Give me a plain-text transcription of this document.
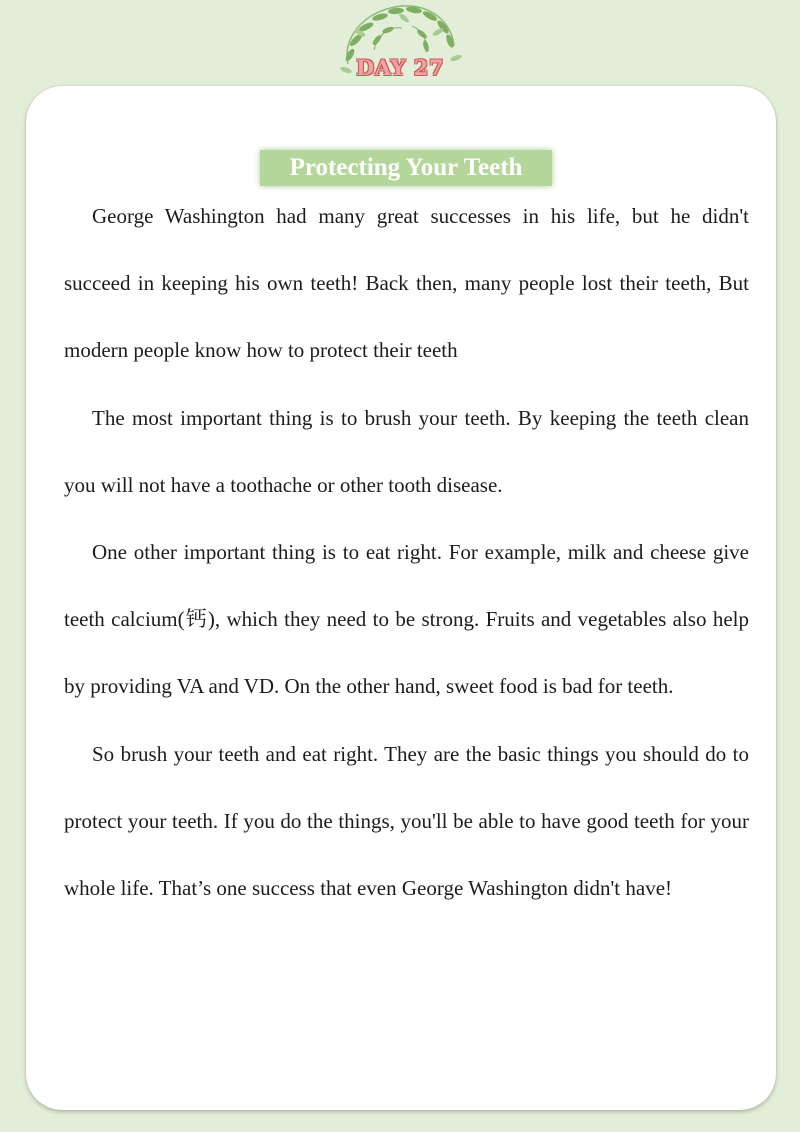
DAY 27
Protecting Your Teeth

George Washington had many great successes in his life, but he didn't succeed in keeping his own teeth! Back then, many people lost their teeth, But modern people know how to protect their teeth

The most important thing is to brush your teeth. By keeping the teeth clean you will not have a toothache or other tooth disease.

One other important thing is to eat right. For example, milk and cheese give teeth calcium(钙), which they need to be strong. Fruits and vegetables also help by providing VA and VD. On the other hand, sweet food is bad for teeth.

So brush your teeth and eat right. They are the basic things you should do to protect your teeth. If you do the things, you'll be able to have good teeth for your whole life. That’s one success that even George Washington didn't have!
